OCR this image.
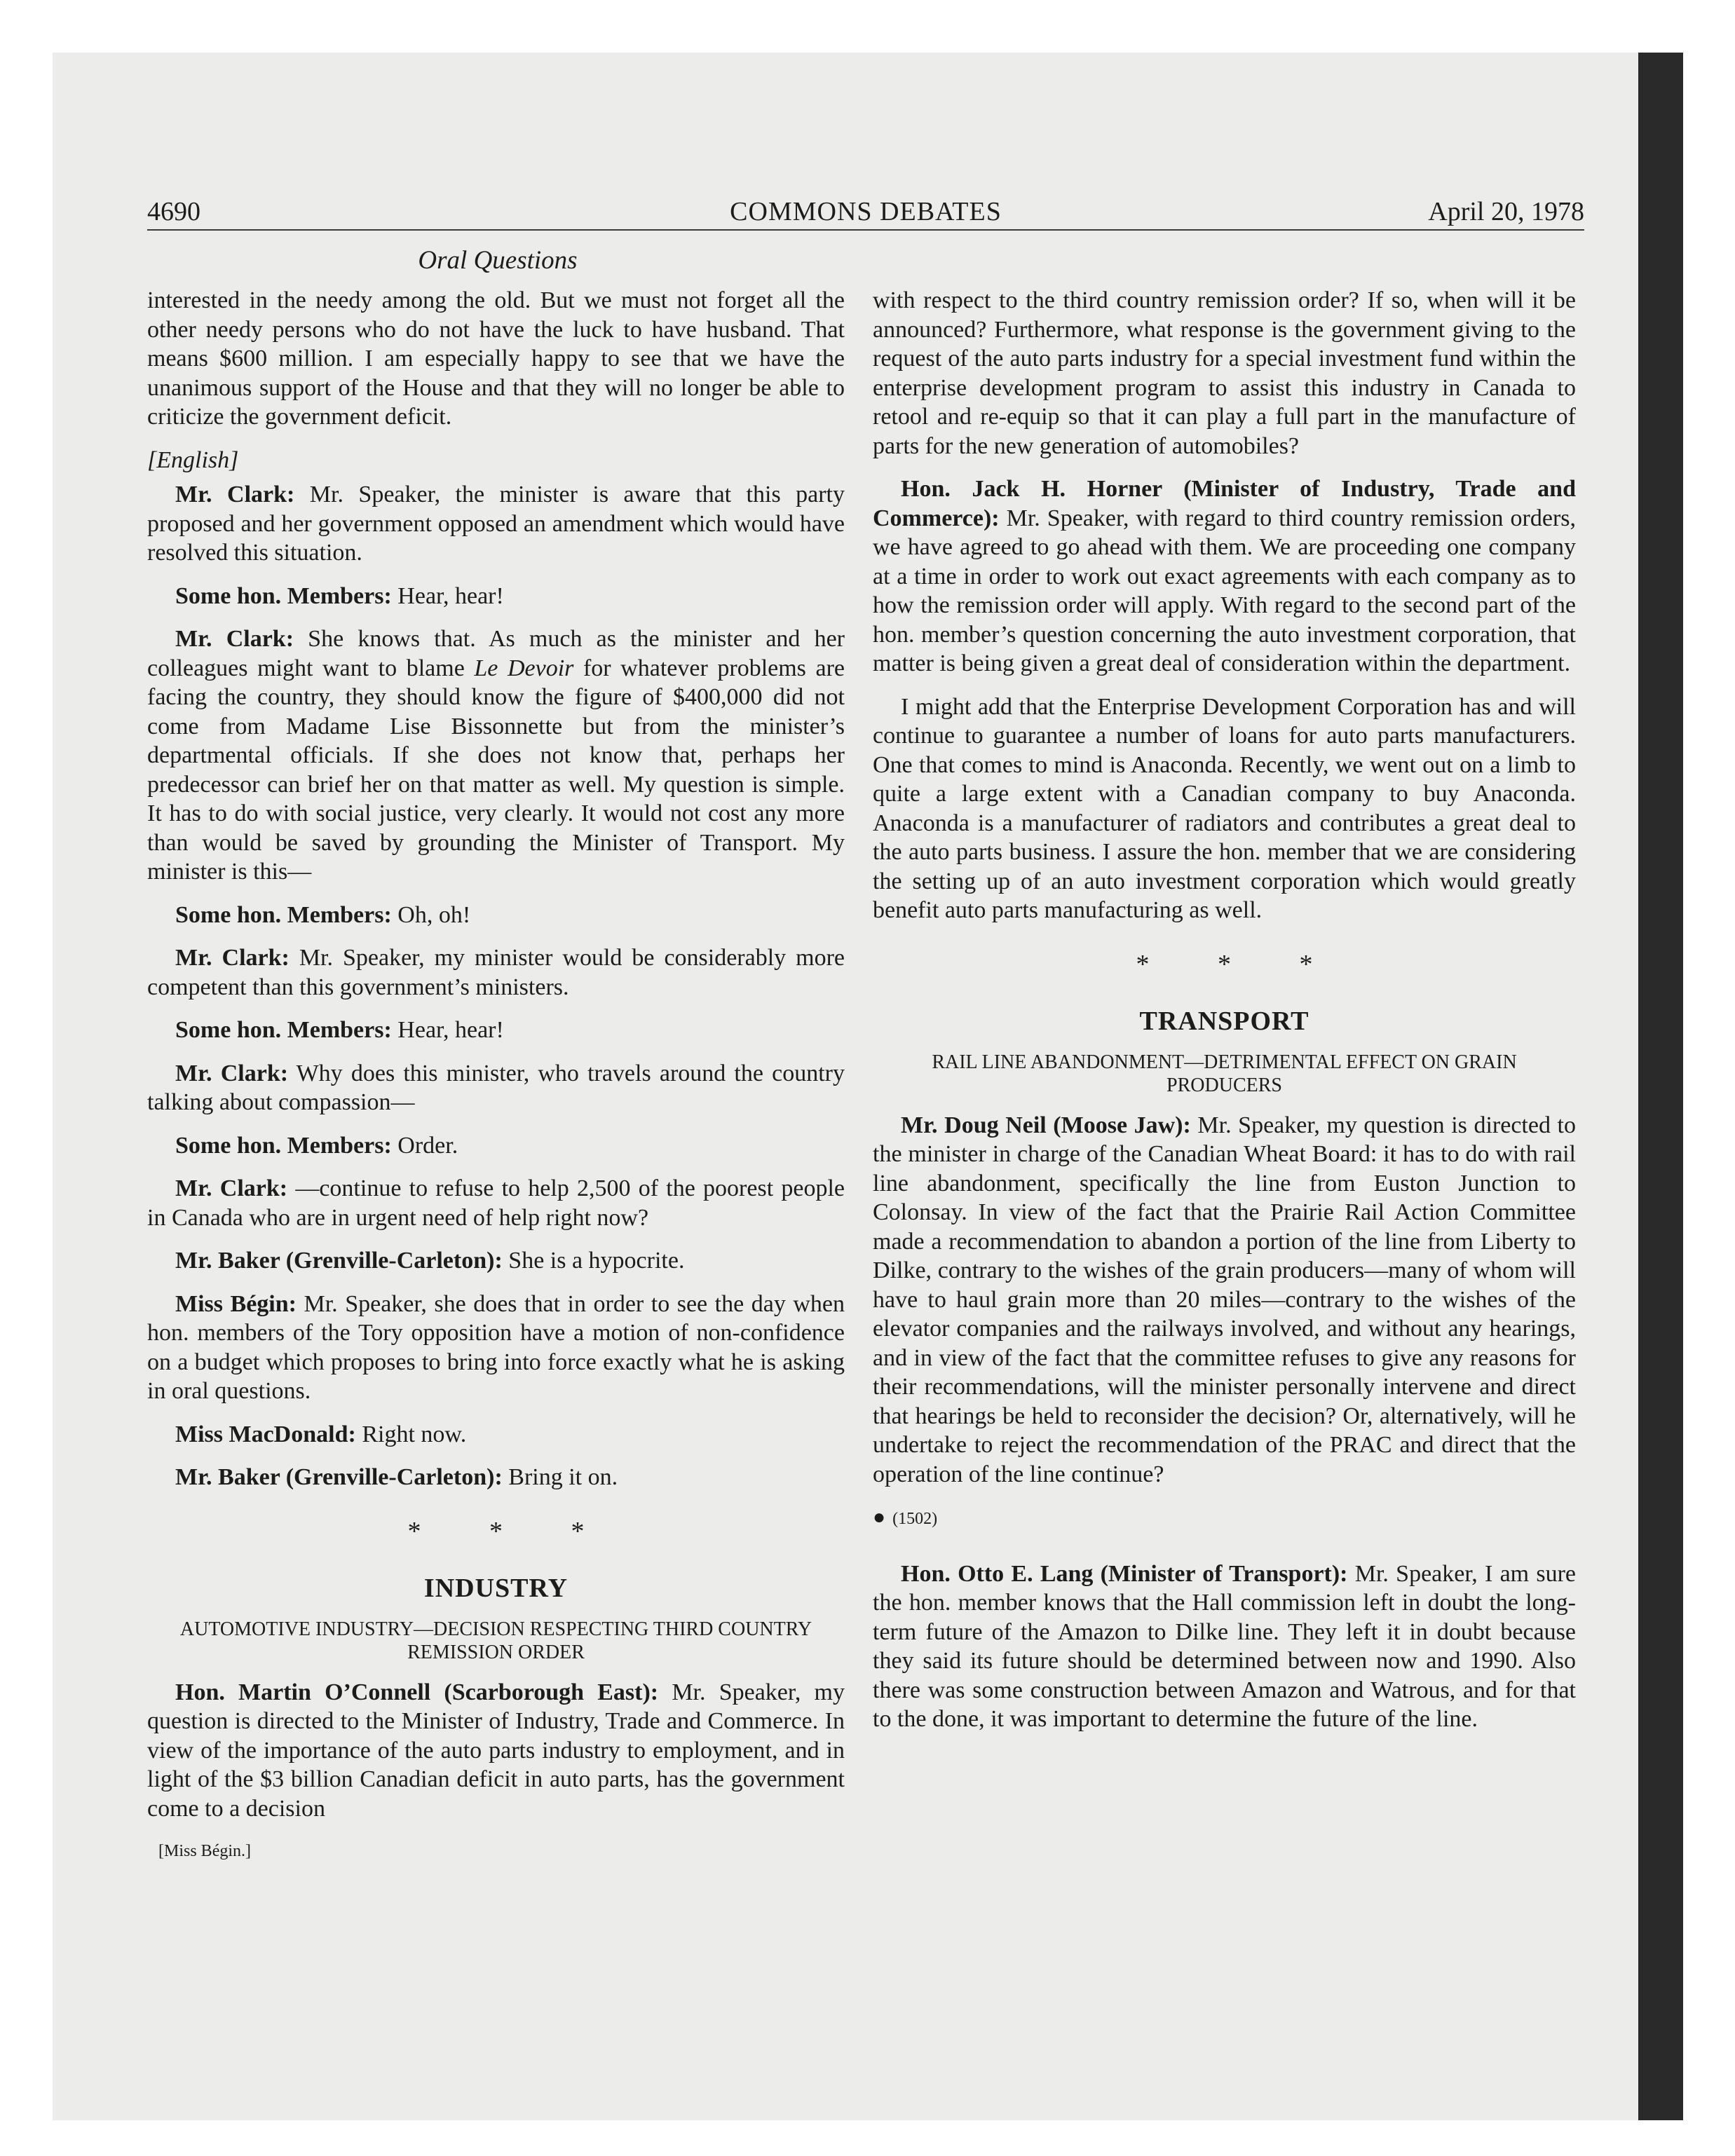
4690	COMMONS DEBATES	April 20, 1978
Oral Questions

interested in the needy among the old. But we must not forget all the other needy persons who do not have the luck to have husband. That means $600 million. I am especially happy to see that we have the unanimous support of the House and that they will no longer be able to criticize the government deficit.

[English]

Mr. Clark: Mr. Speaker, the minister is aware that this party proposed and her government opposed an amendment which would have resolved this situation.

Some hon. Members: Hear, hear!

Mr. Clark: She knows that. As much as the minister and her colleagues might want to blame Le Devoir for whatever problems are facing the country, they should know the figure of $400,000 did not come from Madame Lise Bissonnette but from the minister’s departmental officials. If she does not know that, perhaps her predecessor can brief her on that matter as well. My question is simple. It has to do with social justice, very clearly. It would not cost any more than would be saved by grounding the Minister of Transport. My minister is this—

Some hon. Members: Oh, oh!

Mr. Clark: Mr. Speaker, my minister would be considerably more competent than this government’s ministers.

Some hon. Members: Hear, hear!

Mr. Clark: Why does this minister, who travels around the country talking about compassion—

Some hon. Members: Order.

Mr. Clark: —continue to refuse to help 2,500 of the poorest people in Canada who are in urgent need of help right now?

Mr. Baker (Grenville-Carleton): She is a hypocrite.

Miss Bégin: Mr. Speaker, she does that in order to see the day when hon. members of the Tory opposition have a motion of non-confidence on a budget which proposes to bring into force exactly what he is asking in oral questions.

Miss MacDonald: Right now.

Mr. Baker (Grenville-Carleton): Bring it on.

* * *
INDUSTRY
AUTOMOTIVE INDUSTRY—DECISION RESPECTING THIRD COUNTRY REMISSION ORDER

Hon. Martin O’Connell (Scarborough East): Mr. Speaker, my question is directed to the Minister of Industry, Trade and Commerce. In view of the importance of the auto parts industry to employment, and in light of the $3 billion Canadian deficit in auto parts, has the government come to a decision

[Miss Bégin.]

with respect to the third country remission order? If so, when will it be announced? Furthermore, what response is the government giving to the request of the auto parts industry for a special investment fund within the enterprise development program to assist this industry in Canada to retool and re-equip so that it can play a full part in the manufacture of parts for the new generation of automobiles?

Hon. Jack H. Horner (Minister of Industry, Trade and Commerce): Mr. Speaker, with regard to third country remission orders, we have agreed to go ahead with them. We are proceeding one company at a time in order to work out exact agreements with each company as to how the remission order will apply. With regard to the second part of the hon. member’s question concerning the auto investment corporation, that matter is being given a great deal of consideration within the department.

I might add that the Enterprise Development Corporation has and will continue to guarantee a number of loans for auto parts manufacturers. One that comes to mind is Anaconda. Recently, we went out on a limb to quite a large extent with a Canadian company to buy Anaconda. Anaconda is a manufacturer of radiators and contributes a great deal to the auto parts business. I assure the hon. member that we are considering the setting up of an auto investment corporation which would greatly benefit auto parts manufacturing as well.

* * *
TRANSPORT
RAIL LINE ABANDONMENT—DETRIMENTAL EFFECT ON GRAIN PRODUCERS

Mr. Doug Neil (Moose Jaw): Mr. Speaker, my question is directed to the minister in charge of the Canadian Wheat Board: it has to do with rail line abandonment, specifically the line from Euston Junction to Colonsay. In view of the fact that the Prairie Rail Action Committee made a recommendation to abandon a portion of the line from Liberty to Dilke, contrary to the wishes of the grain producers—many of whom will have to haul grain more than 20 miles—contrary to the wishes of the elevator companies and the railways involved, and without any hearings, and in view of the fact that the committee refuses to give any reasons for their recommendations, will the minister personally intervene and direct that hearings be held to reconsider the decision? Or, alternatively, will he undertake to reject the recommendation of the PRAC and direct that the operation of the line continue?

● (1502)

Hon. Otto E. Lang (Minister of Transport): Mr. Speaker, I am sure the hon. member knows that the Hall commission left in doubt the long-term future of the Amazon to Dilke line. They left it in doubt because they said its future should be determined between now and 1990. Also there was some construction between Amazon and Watrous, and for that to the done, it was important to determine the future of the line.
